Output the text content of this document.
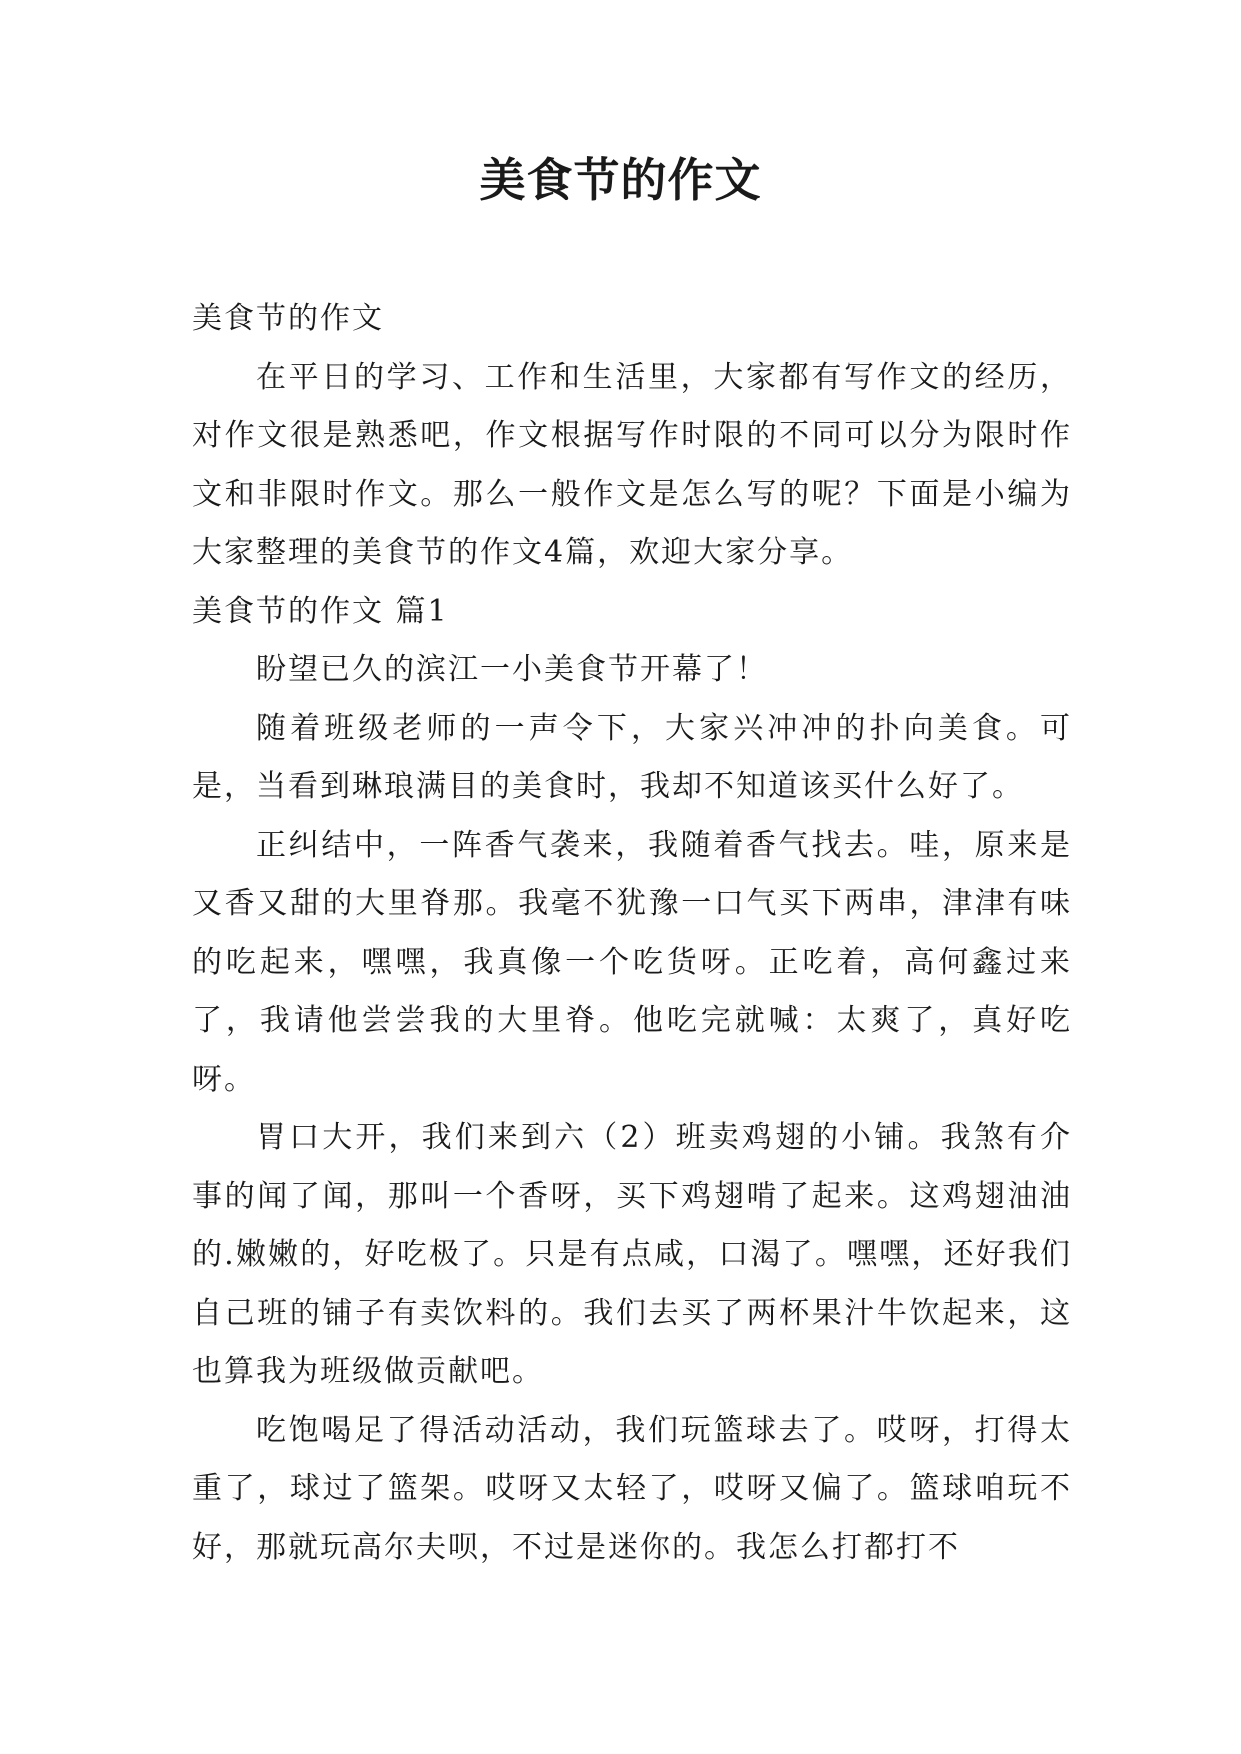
美食节的作文

美食节的作文

在平日的学习、工作和生活里，大家都有写作文的经历，对作文很是熟悉吧，作文根据写作时限的不同可以分为限时作文和非限时作文。那么一般作文是怎么写的呢？下面是小编为大家整理的美食节的作文4篇，欢迎大家分享。

美食节的作文 篇1

盼望已久的滨江一小美食节开幕了！

随着班级老师的一声令下，大家兴冲冲的扑向美食。可是，当看到琳琅满目的美食时，我却不知道该买什么好了。

正纠结中，一阵香气袭来，我随着香气找去。哇，原来是又香又甜的大里脊那。我毫不犹豫一口气买下两串，津津有味的吃起来，嘿嘿，我真像一个吃货呀。正吃着，高何鑫过来了，我请他尝尝我的大里脊。他吃完就喊：太爽了，真好吃呀。

胃口大开，我们来到六（2）班卖鸡翅的小铺。我煞有介事的闻了闻，那叫一个香呀，买下鸡翅啃了起来。这鸡翅油油的.嫩嫩的，好吃极了。只是有点咸，口渴了。嘿嘿，还好我们自己班的铺子有卖饮料的。我们去买了两杯果汁牛饮起来，这也算我为班级做贡献吧。

吃饱喝足了得活动活动，我们玩篮球去了。哎呀，打得太重了，球过了篮架。哎呀又太轻了，哎呀又偏了。篮球咱玩不好，那就玩高尔夫呗，不过是迷你的。我怎么打都打不
